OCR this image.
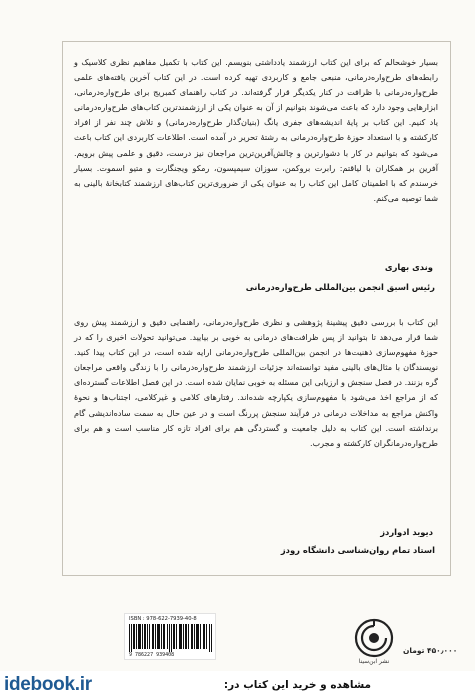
بسیار خوشحالم که برای این کتاب ارزشمند یادداشتی بنویسم. این کتاب با تکمیل مفاهیم نظری کلاسیک و رابطه‌های طرح‌واره‌درمانی، منبعی جامع و کاربردی تهیه کرده است. در این کتاب آخرین یافته‌های علمی طرح‌واره‌درمانی با ظرافت در کنار یکدیگر قرار گرفته‌اند. در کتاب راهنمای کمبریج برای طرح‌واره‌درمانی، ابزارهایی وجود دارد که باعث می‌شوند بتوانیم از آن به عنوان یکی از ارزشمندترین کتاب‌های طرح‌واره‌درمانی یاد کنیم. این کتاب بر پایهٔ اندیشه‌های جفری یانگ (بنیان‌گذار طرح‌واره‌درمانی) و تلاش چند نفر از افراد کارکشته و با استعداد حوزهٔ طرح‌واره‌درمانی به رشتهٔ تحریر در آمده است. اطلاعات کاربردی این کتاب باعث می‌شود که بتوانیم در کار با دشوارترین و چالش‌آفرین‌ترین مراجعان نیز درست، دقیق و علمی پیش برویم. آفرین بر همکاران با لیاقتم: رابرت بروکمن، سوزان سیمپسون، رمکو ویجنگارت و متیو اسموت. بسیار خرسندم که با اطمینان کامل این کتاب را به عنوان یکی از ضروری‌ترین کتاب‌های ارزشمند کتابخانهٔ بالینی به شما توصیه می‌کنم.

وندی بهاری
رئیس اسبق انجمن بین‌المللی طرح‌واره‌درمانی

این کتاب با بررسی دقیق پیشینهٔ پژوهشی و نظری طرح‌واره‌درمانی، راهنمایی دقیق و ارزشمند پیش روی شما قرار می‌دهد تا بتوانید از پس ظرافت‌های درمانی به خوبی بر بیایید. می‌توانید تحولات اخیری را که در حوزهٔ مفهوم‌سازی ذهنیت‌ها در انجمن بین‌المللی طرح‌واره‌درمانی ارایه شده است، در این کتاب پیدا کنید. نویسندگان با مثال‌های بالینی مفید توانسته‌اند جزئیات ارزشمند طرح‌واره‌درمانی را با زندگی واقعی مراجعان گره بزنند. در فصل سنجش و ارزیابی این مسئله به خوبی نمایان شده است. در این فصل اطلاعات گسترده‌ای که از مراجع اخذ می‌شود با مفهوم‌سازی یکپارچه شده‌اند. رفتارهای کلامی و غیرکلامی، اجتناب‌ها و نحوهٔ واکنش مراجع به مداخلات درمانی در فرآیند سنجش پررنگ است و در عین حال به سمت ساده‌اندیشی گام برنداشته است. این کتاب به دلیل جامعیت و گستردگی هم برای افراد تازه کار مناسب است و هم برای طرح‌واره‌درمانگران کارکشته و مجرب.

دیوید ادواردز
استاد تمام روان‌شناسی دانشگاه رودز
ISBN : 978-622-7939-40-8
9 786227 939408
نشر ابن‌سینا
۴۵۰٫۰۰۰ تومان
idebook.ir	مشاهده و خرید این کتاب در:
